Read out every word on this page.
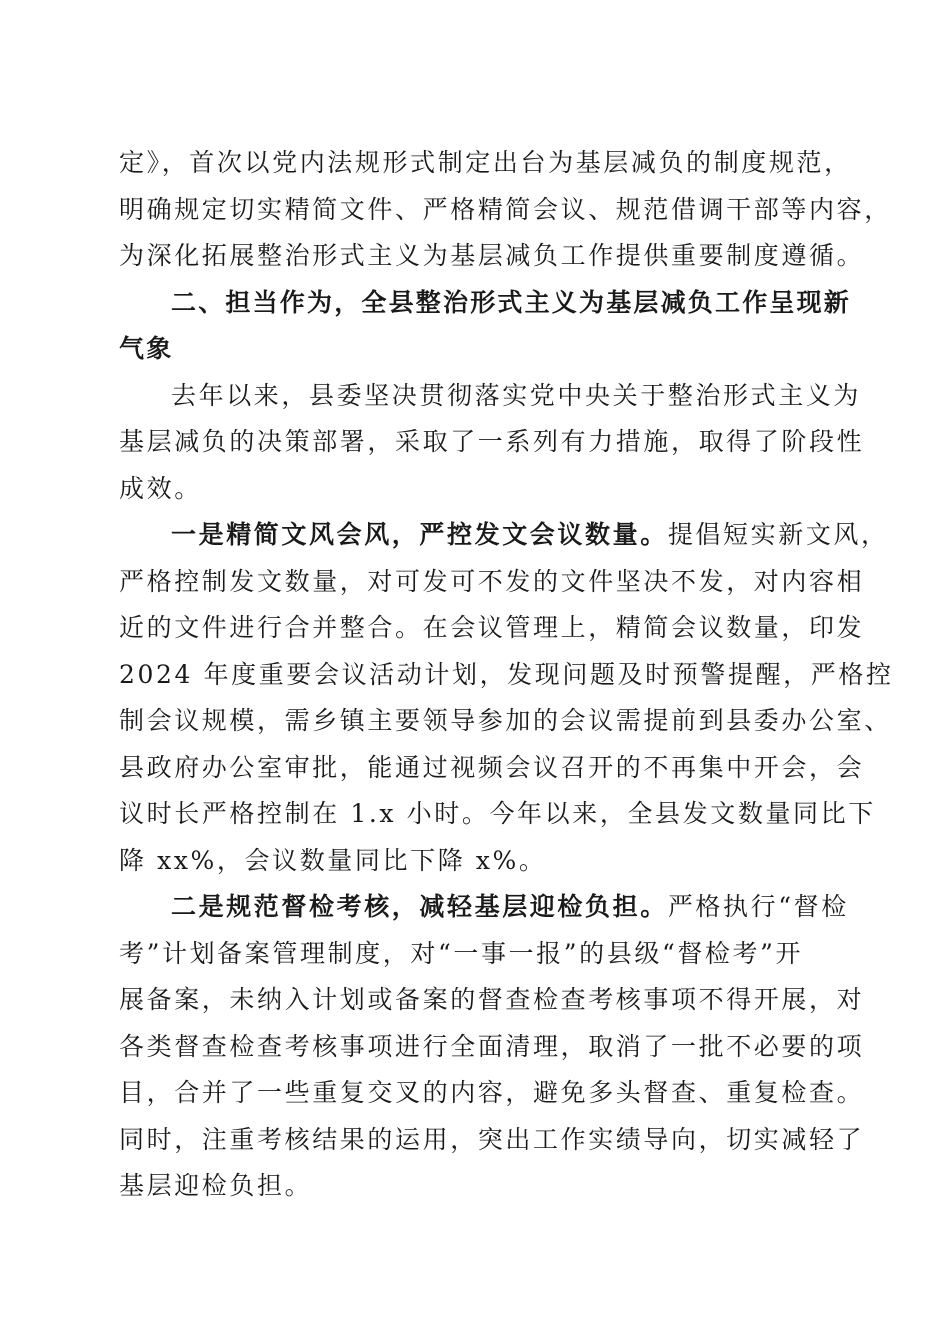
定》，首次以党内法规形式制定出台为基层减负的制度规范，
明确规定切实精简文件、严格精简会议、规范借调干部等内容，
为深化拓展整治形式主义为基层减负工作提供重要制度遵循。
二、担当作为，全县整治形式主义为基层减负工作呈现新
气象
去年以来，县委坚决贯彻落实党中央关于整治形式主义为
基层减负的决策部署，采取了一系列有力措施，取得了阶段性
成效。
一是精简文风会风，严控发文会议数量。提倡短实新文风，
严格控制发文数量，对可发可不发的文件坚决不发，对内容相
近的文件进行合并整合。在会议管理上，精简会议数量，印发
2024 年度重要会议活动计划，发现问题及时预警提醒，严格控
制会议规模，需乡镇主要领导参加的会议需提前到县委办公室、
县政府办公室审批，能通过视频会议召开的不再集中开会，会
议时长严格控制在 1.x 小时。今年以来，全县发文数量同比下
降 xx%，会议数量同比下降 x%。
二是规范督检考核，减轻基层迎检负担。严格执行“督检
考”计划备案管理制度，对“一事一报”的县级“督检考”开
展备案，未纳入计划或备案的督查检查考核事项不得开展，对
各类督查检查考核事项进行全面清理，取消了一批不必要的项
目，合并了一些重复交叉的内容，避免多头督查、重复检查。
同时，注重考核结果的运用，突出工作实绩导向，切实减轻了
基层迎检负担。
